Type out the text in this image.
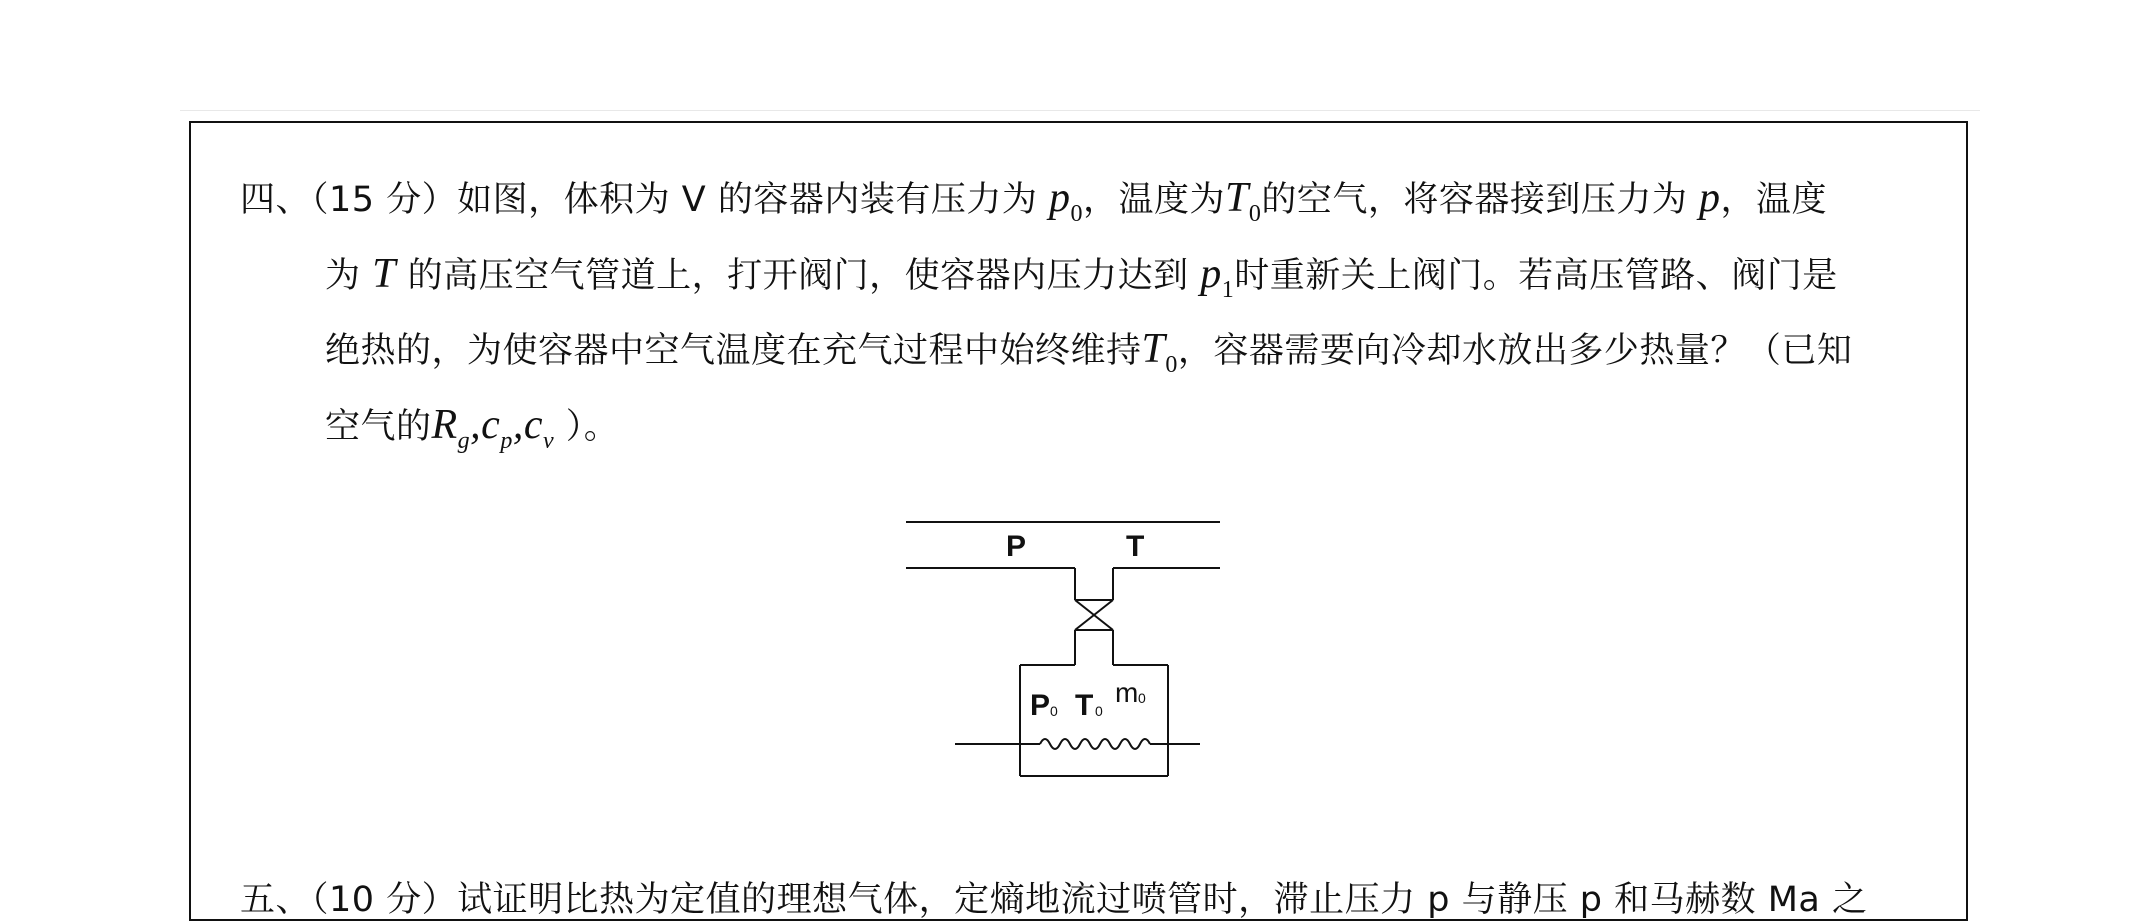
四、（15 分）如图，体积为 V 的容器内装有压力为 $p_0$，温度为$T_0$的空气，将容器接到压力为 p，温度
为 T 的高压空气管道上，打开阀门，使容器内压力达到 $p_1$时重新关上阀门。若高压管路、阀门是
绝热的，为使容器中空气温度在充气过程中始终维持$T_0$，容器需要向冷却水放出多少热量？（已知
空气的$R_g,c_p,c_v$ ）。
P	T
P 0 T 0
m 0
五、（10 分）试证明比热为定值的理想气体，定熵地流过喷管时，滞止压力 p 与静压 p 和马赫数 Ma 之
